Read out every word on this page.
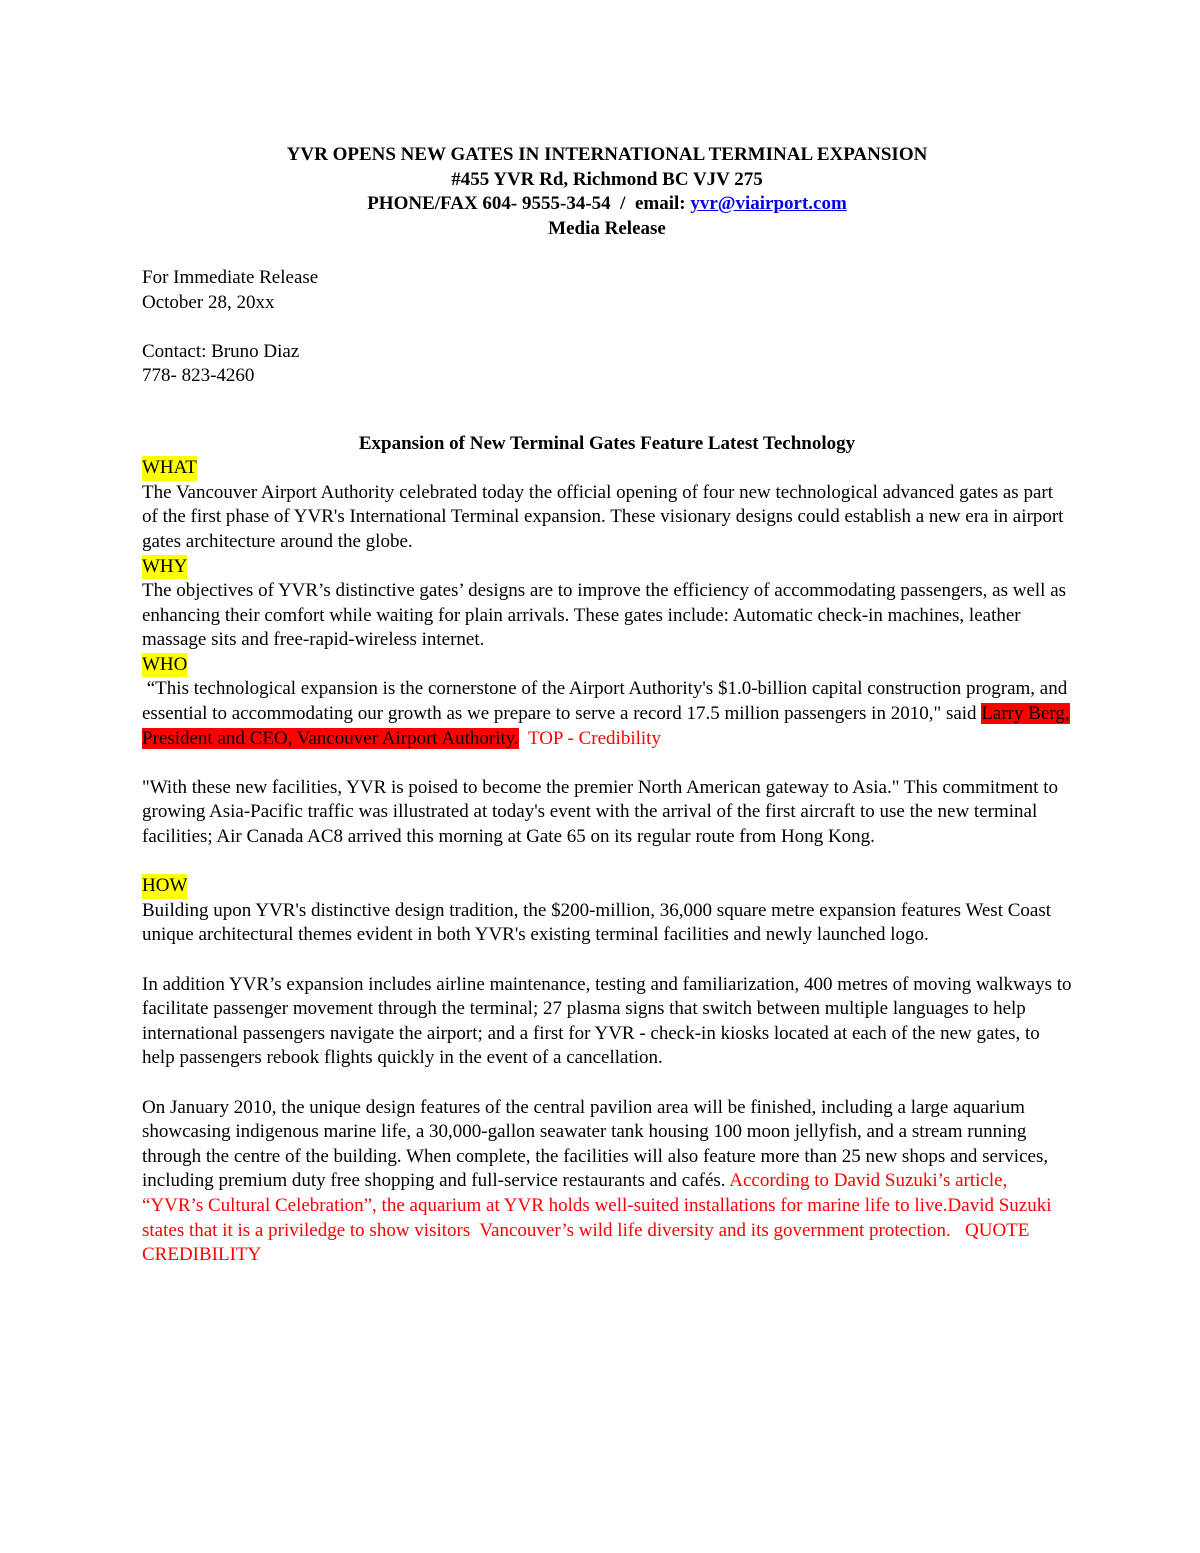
YVR OPENS NEW GATES IN INTERNATIONAL TERMINAL EXPANSION
#455 YVR Rd, Richmond BC VJV 275
PHONE/FAX 604- 9555-34-54  /  email: yvr@viairport.com
Media Release
For Immediate Release
October 28, 20xx
Contact: Bruno Diaz
778- 823-4260
Expansion of New Terminal Gates Feature Latest Technology
WHAT

The Vancouver Airport Authority celebrated today the official opening of four new technological advanced gates as part of the first phase of YVR's International Terminal expansion. These visionary designs could establish a new era in airport gates architecture around the globe.

WHY

The objectives of YVR’s distinctive gates’ designs are to improve the efficiency of accommodating passengers, as well as enhancing their comfort while waiting for plain arrivals. These gates include: Automatic check-in machines, leather massage sits and free-rapid-wireless internet.

WHO

“This technological expansion is the cornerstone of the Airport Authority's $1.0-billion capital construction program, and essential to accommodating our growth as we prepare to serve a record 17.5 million passengers in 2010," said Larry Berg, President and CEO, Vancouver Airport Authority.  TOP - Credibility

"With these new facilities, YVR is poised to become the premier North American gateway to Asia." This commitment to growing Asia-Pacific traffic was illustrated at today's event with the arrival of the first aircraft to use the new terminal facilities; Air Canada AC8 arrived this morning at Gate 65 on its regular route from Hong Kong.

HOW

Building upon YVR's distinctive design tradition, the $200-million, 36,000 square metre expansion features West Coast unique architectural themes evident in both YVR's existing terminal facilities and newly launched logo.

In addition YVR’s expansion includes airline maintenance, testing and familiarization, 400 metres of moving walkways to facilitate passenger movement through the terminal; 27 plasma signs that switch between multiple languages to help international passengers navigate the airport; and a first for YVR - check-in kiosks located at each of the new gates, to help passengers rebook flights quickly in the event of a cancellation.

On January 2010, the unique design features of the central pavilion area will be finished, including a large aquarium showcasing indigenous marine life, a 30,000-gallon seawater tank housing 100 moon jellyfish, and a stream running through the centre of the building. When complete, the facilities will also feature more than 25 new shops and services, including premium duty free shopping and full-service restaurants and cafés. According to David Suzuki’s article, “YVR’s Cultural Celebration”, the aquarium at YVR holds well-suited installations for marine life to live.David Suzuki states that it is a priviledge to show visitors  Vancouver’s wild life diversity and its government protection.   QUOTE CREDIBILITY
